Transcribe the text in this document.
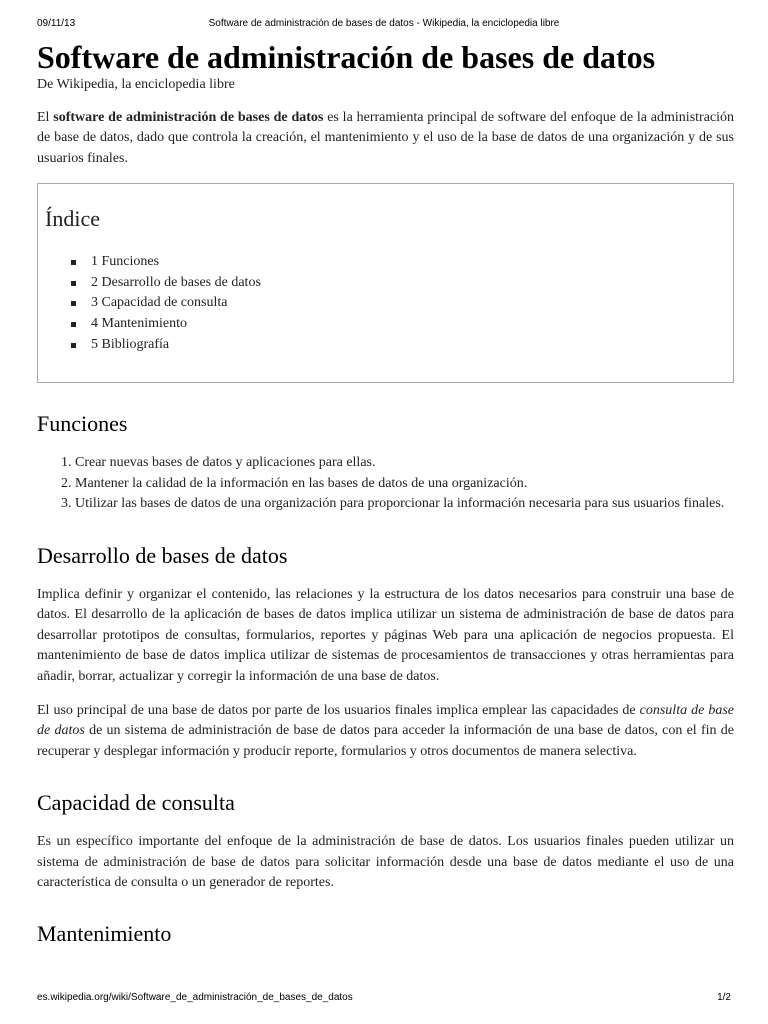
09/11/13	Software de administración de bases de datos - Wikipedia, la enciclopedia libre
Software de administración de bases de datos
De Wikipedia, la enciclopedia libre

El software de administración de bases de datos es la herramienta principal de software del enfoque de la administración de base de datos, dado que controla la creación, el mantenimiento y el uso de la base de datos de una organización y de sus usuarios finales.

Índice
1 Funciones
2 Desarrollo de bases de datos
3 Capacidad de consulta
4 Mantenimiento
5 Bibliografía
Funciones
1. Crear nuevas bases de datos y aplicaciones para ellas.
2. Mantener la calidad de la información en las bases de datos de una organización.
3. Utilizar las bases de datos de una organización para proporcionar la información necesaria para sus usuarios finales.
Desarrollo de bases de datos

Implica definir y organizar el contenido, las relaciones y la estructura de los datos necesarios para construir una base de datos. El desarrollo de la aplicación de bases de datos implica utilizar un sistema de administración de base de datos para desarrollar prototipos de consultas, formularios, reportes y páginas Web para una aplicación de negocios propuesta. El mantenimiento de base de datos implica utilizar de sistemas de procesamientos de transacciones y otras herramientas para añadir, borrar, actualizar y corregir la información de una base de datos.

El uso principal de una base de datos por parte de los usuarios finales implica emplear las capacidades de consulta de base de datos de un sistema de administración de base de datos para acceder la información de una base de datos, con el fin de recuperar y desplegar información y producir reporte, formularios y otros documentos de manera selectiva.

Capacidad de consulta

Es un específico importante del enfoque de la administración de base de datos. Los usuarios finales pueden utilizar un sistema de administración de base de datos para solicitar información desde una base de datos mediante el uso de una característica de consulta o un generador de reportes.

Mantenimiento
es.wikipedia.org/wiki/Software_de_administración_de_bases_de_datos	1/2
